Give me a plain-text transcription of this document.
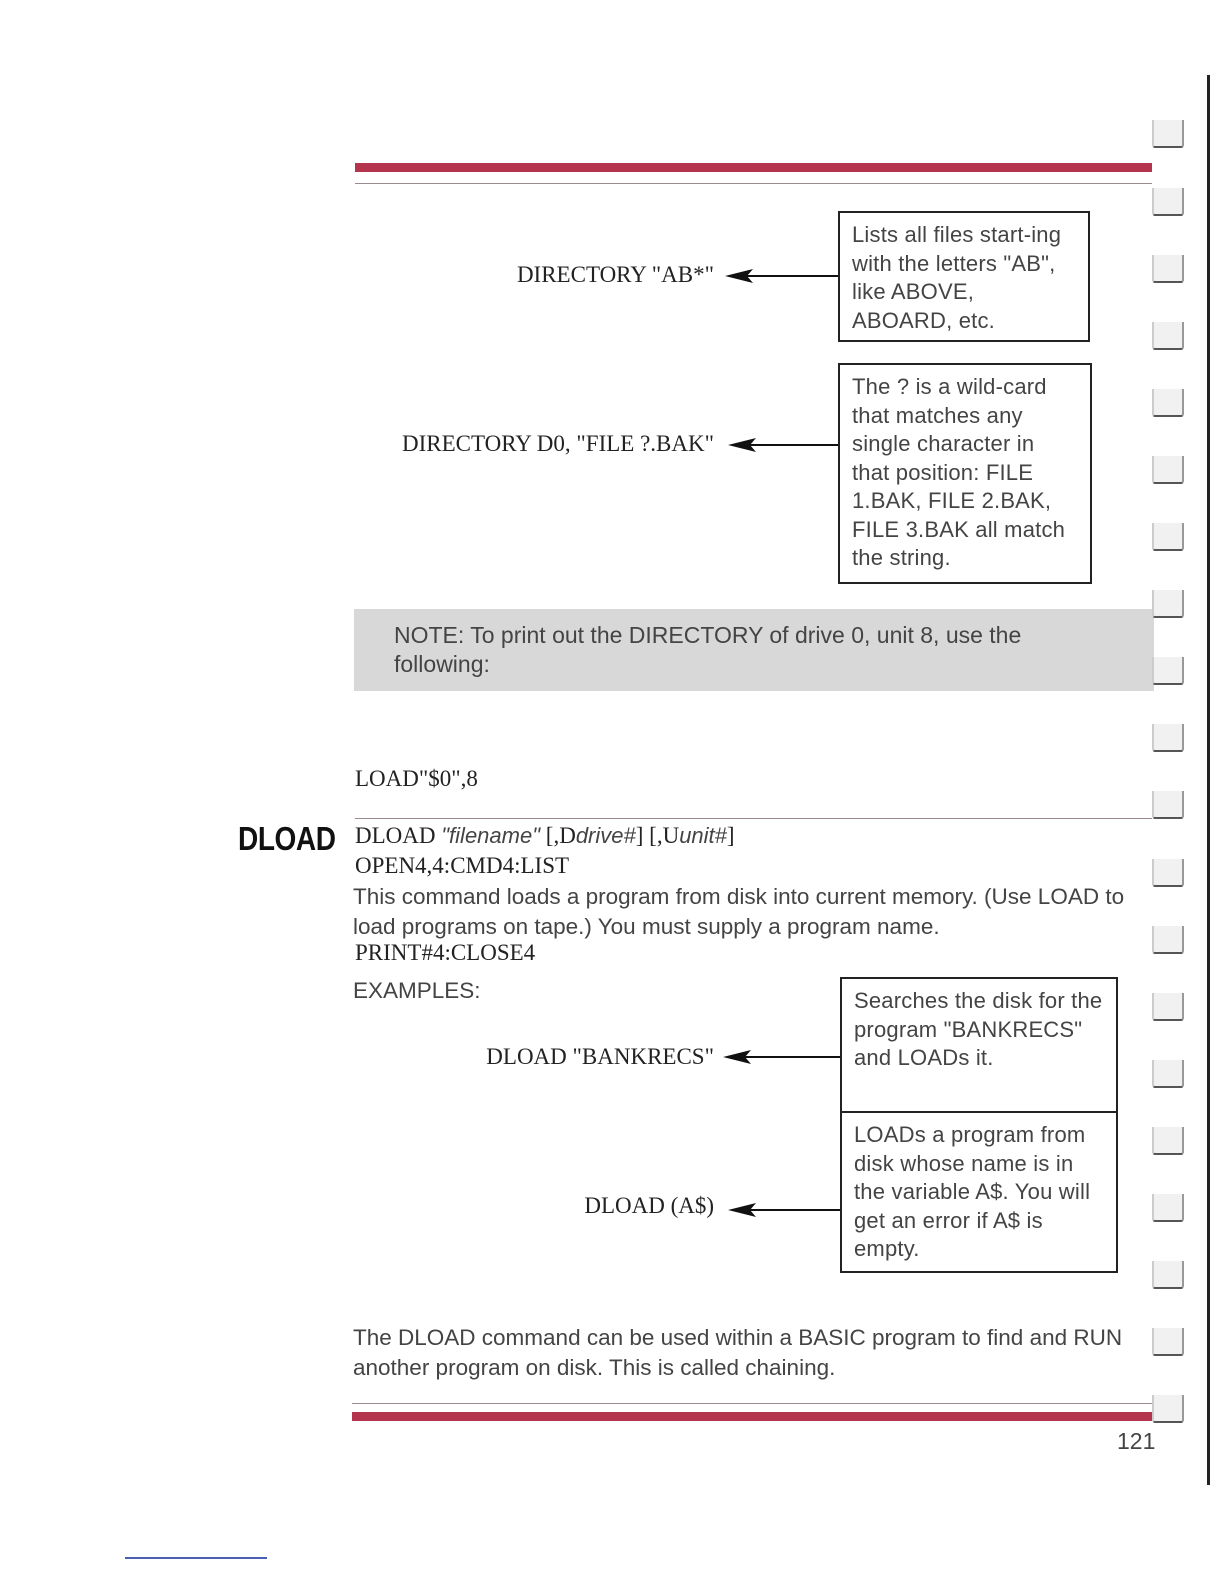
DIRECTORY "AB*"
Lists all files start-ing with the letters "AB", like ABOVE, ABOARD, etc.
DIRECTORY D0, "FILE ?.BAK"
The ? is a wild-card that matches any single character in that position: FILE 1.BAK, FILE 2.BAK, FILE 3.BAK all match the string.
NOTE: To print out the DIRECTORY of drive 0, unit 8, use the following:

LOAD"$0",8

OPEN4,4:CMD4:LIST

PRINT#4:CLOSE4

DLOAD DLOAD "filename" [,Ddrive#] [,Uunit#]
This command loads a program from disk into current memory. (Use LOAD to load programs on tape.) You must supply a program name.
EXAMPLES:
DLOAD "BANKRECS"
Searches the disk for the program "BANKRECS" and LOADs it.
DLOAD (A$)
LOADs a program from disk whose name is in the variable A$. You will get an error if A$ is empty.
The DLOAD command can be used within a BASIC program to find and RUN another program on disk. This is called chaining.
121
